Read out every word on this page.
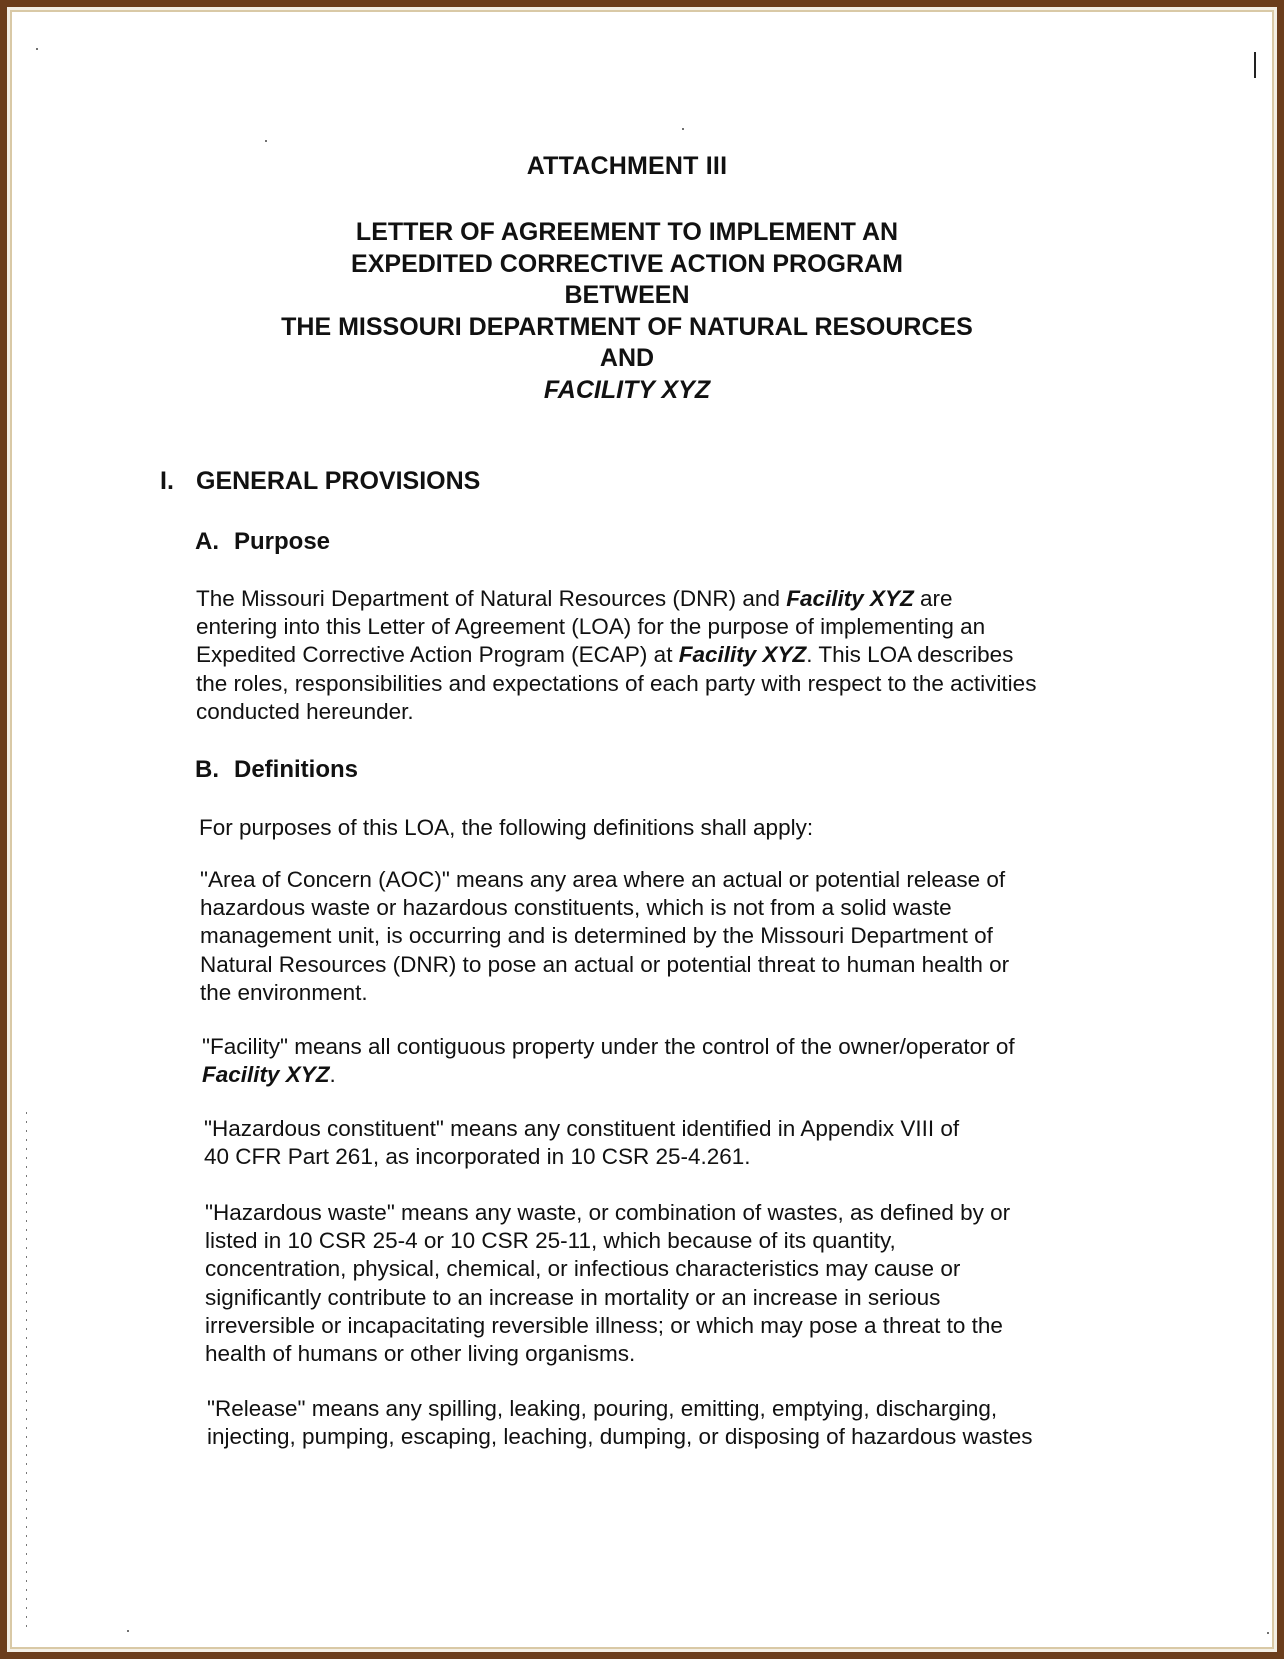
ATTACHMENT III
LETTER OF AGREEMENT TO IMPLEMENT AN
EXPEDITED CORRECTIVE ACTION PROGRAM
BETWEEN
THE MISSOURI DEPARTMENT OF NATURAL RESOURCES
AND
FACILITY XYZ
I. GENERAL PROVISIONS
A. Purpose
The Missouri Department of Natural Resources (DNR) and Facility XYZ are
entering into this Letter of Agreement (LOA) for the purpose of implementing an
Expedited Corrective Action Program (ECAP) at Facility XYZ. This LOA describes
the roles, responsibilities and expectations of each party with respect to the activities
conducted hereunder.
B. Definitions
For purposes of this LOA, the following definitions shall apply:
"Area of Concern (AOC)" means any area where an actual or potential release of
hazardous waste or hazardous constituents, which is not from a solid waste
management unit, is occurring and is determined by the Missouri Department of
Natural Resources (DNR) to pose an actual or potential threat to human health or
the environment.
"Facility" means all contiguous property under the control of the owner/operator of
Facility XYZ.
"Hazardous constituent" means any constituent identified in Appendix VIII of
40 CFR Part 261, as incorporated in 10 CSR 25-4.261.
"Hazardous waste" means any waste, or combination of wastes, as defined by or
listed in 10 CSR 25-4 or 10 CSR 25-11, which because of its quantity,
concentration, physical, chemical, or infectious characteristics may cause or
significantly contribute to an increase in mortality or an increase in serious
irreversible or incapacitating reversible illness; or which may pose a threat to the
health of humans or other living organisms.
"Release" means any spilling, leaking, pouring, emitting, emptying, discharging,
injecting, pumping, escaping, leaching, dumping, or disposing of hazardous wastes
